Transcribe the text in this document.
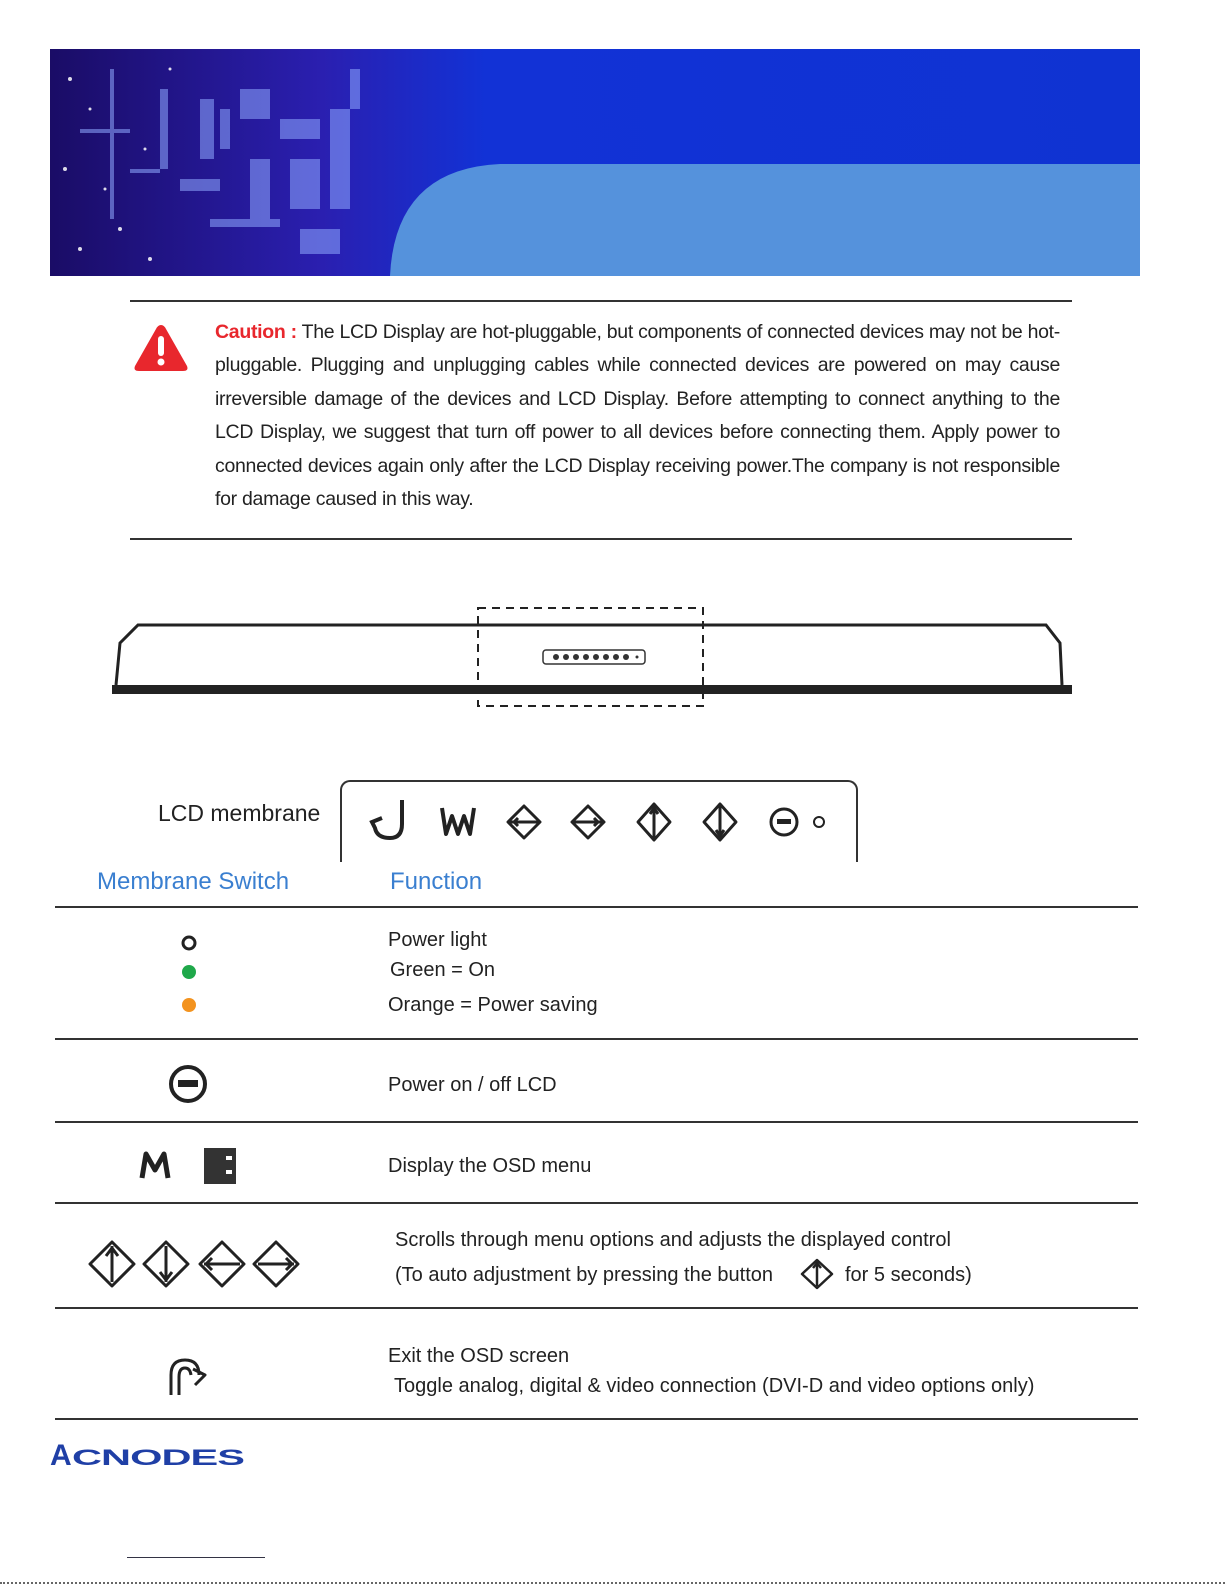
Caution : The LCD Display are hot-pluggable, but components of connected devices may not be hot-pluggable. Plugging and unplugging cables while connected devices are powered on may cause irreversible damage of the devices and LCD Display. Before attempting to connect anything to the LCD Display, we suggest that turn off power to all devices before connecting them. Apply power to connected devices again only after the LCD Display receiving power.The company is not responsible for damage caused in this way.
LCD membrane
Membrane Switch	Function
Power light
Green = On
Orange = Power saving
Power on / off LCD
Display the OSD menu
Scrolls through menu options and adjusts the displayed control
(To auto adjustment by pressing the button	for 5 seconds)
Exit the OSD screen
Toggle analog, digital & video connection (DVI-D and video options only)
A CNODES
